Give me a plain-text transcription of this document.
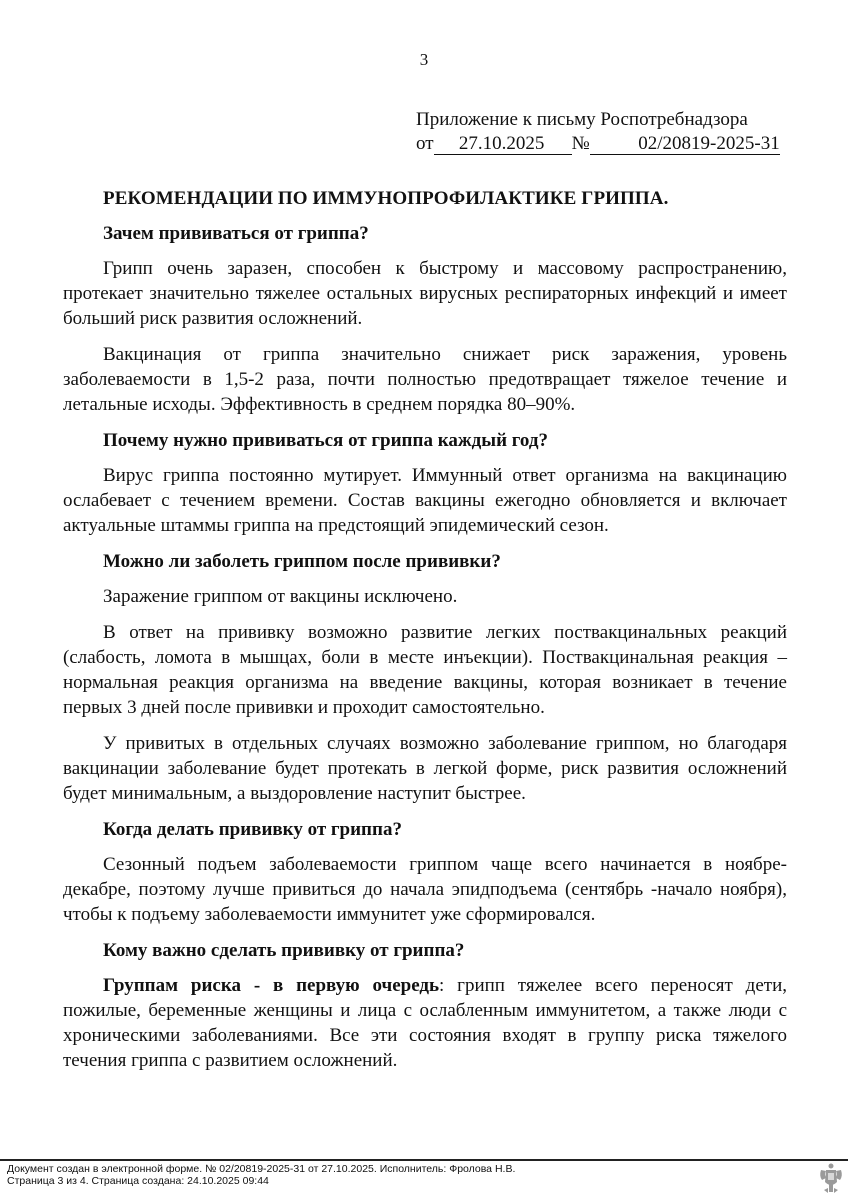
3
Приложение к письму Роспотребнадзора
от 27.10.2025 №	02/20819-2025-31
РЕКОМЕНДАЦИИ ПО ИММУНОПРОФИЛАКТИКЕ ГРИППА.
Зачем прививаться от гриппа?
Грипп очень заразен, способен к быстрому и массовому распространению, протекает значительно тяжелее остальных вирусных респираторных инфекций и имеет больший риск развития осложнений.
Вакцинация от гриппа значительно снижает риск заражения, уровень заболеваемости в 1,5-2 раза, почти полностью предотвращает тяжелое течение и летальные исходы. Эффективность в среднем порядка 80–90%.
Почему нужно прививаться от гриппа каждый год?
Вирус гриппа постоянно мутирует. Иммунный ответ организма на вакцинацию ослабевает с течением времени. Состав вакцины ежегодно обновляется и включает актуальные штаммы гриппа на предстоящий эпидемический сезон.
Можно ли заболеть гриппом после прививки?
Заражение гриппом от вакцины исключено.
В ответ на прививку возможно развитие легких поствакцинальных реакций (слабость, ломота в мышцах, боли в месте инъекции). Поствакцинальная реакция – нормальная реакция организма на введение вакцины, которая возникает в течение первых 3 дней после прививки и проходит самостоятельно.
У привитых в отдельных случаях возможно заболевание гриппом, но благодаря вакцинации заболевание будет протекать в легкой форме, риск развития осложнений будет минимальным, а выздоровление наступит быстрее.
Когда делать прививку от гриппа?
Сезонный подъем заболеваемости гриппом чаще всего начинается в ноябре-декабре, поэтому лучше привиться до начала эпидподъема (сентябрь -начало ноября), чтобы к подъему заболеваемости иммунитет уже сформировался.
Кому важно сделать прививку от гриппа?
Группам риска - в первую очередь: грипп тяжелее всего переносят дети, пожилые, беременные женщины и лица с ослабленным иммунитетом, а также люди с хроническими заболеваниями. Все эти состояния входят в группу риска тяжелого течения гриппа с развитием осложнений.
Документ создан в электронной форме. № 02/20819-2025-31 от 27.10.2025. Исполнитель: Фролова Н.В.
Страница 3 из 4. Страница создана: 24.10.2025 09:44
